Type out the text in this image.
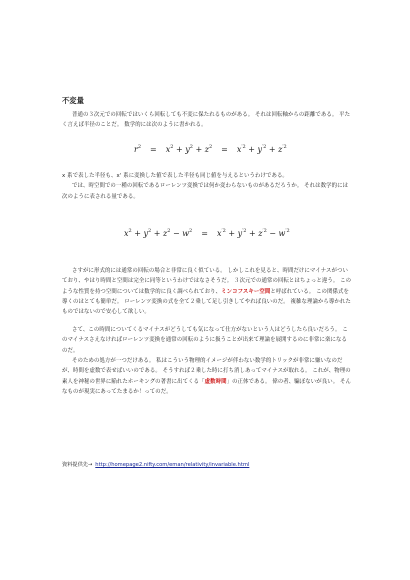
不変量

普通の３次元での回転ではいくら回転しても不変に保たれるものがある。 それは回転軸からの距離である。 平たく言えば半径のことだ。 数学的には次のように書かれる。

$r^2 = x^2 + y^2 + z^2 = x^{'2} + y^{'2} + z^{'2}$

x 系で表した半径も、x' 系に変換した値で表した半径も同じ値を与えるというわけである。
では、時空間での一種の回転であるローレンツ変換では何か変わらないものがあるだろうか。 それは数学的には次のように表される量である。

$x^2 + y^2 + z^2 - w^2 = x^{'2} + y^{'2} + z^{'2} - w^{'2}$

さすがに形式的には通常の回転の場合と非常に良く似ている。 しかしこれを見ると、時間だけにマイナスがついており、やはり時間と空間は完全に同等というわけではなさそうだ。 ３次元での通常の回転とはちょっと違う。 このような性質を持つ空間については数学的に良く調べられており、ミンコフスキー空間と呼ばれている。 この関係式を導くのはとても簡単だ。 ローレンツ変換の式を全て２乗して足し引きしてやれば良いのだ。 複雑な理論から導かれたものではないので安心して欲しい。

さて、この時間についてくるマイナスがどうしても気になって仕方がないという人はどうしたら良いだろう。 このマイナスさえなければローレンツ変換を通常の回転のように扱うことが出来て理論を展開するのに非常に楽になるのだ。

そのための処方が一つだけある。 私はこういう物理的イメージが伴わない数学的トリックが非常に嫌いなのだが、時間を虚数で表せばいいのである。 そうすれば２乗した時に打ち消しあってマイナスが取れる。 これが、物理の素人を神秘の世界に陥れたホーキングの著書に出てくる「虚数時間」の正体である。 偉の者、騙ぼないが良い。 そんなものが現実にあってたまるか！ってのだ。

資料提供先→ http://homepage2.nifty.com/eman/relativity/invariable.html
